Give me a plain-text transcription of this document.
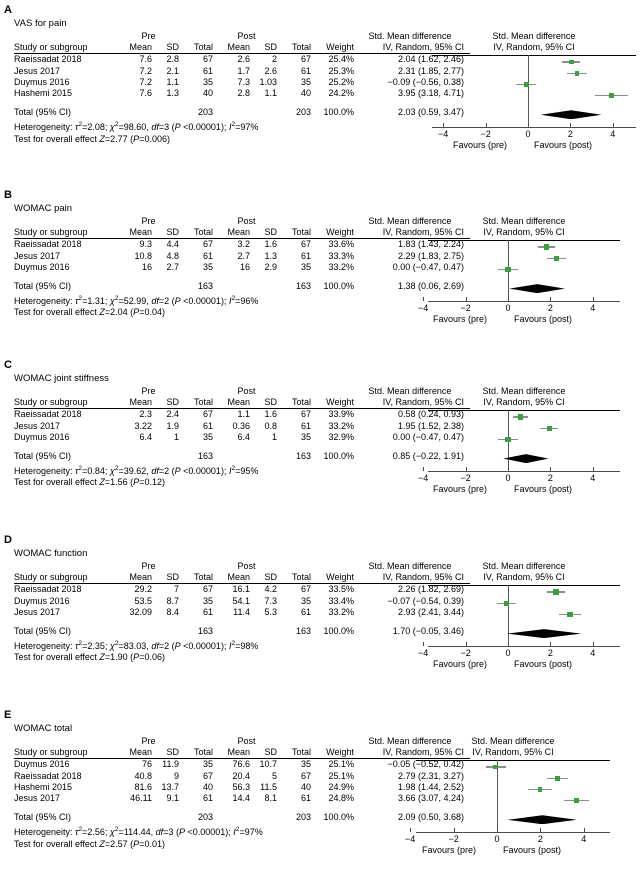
A
VAS for pain
	Pre			Post				Std. Mean difference
Study or subgroup	Mean	SD	Total	Mean	SD	Total	Weight	IV, Random, 95% CI

Raeissadat 2018	7.6	2.8	67	2.6	2	67	25.4%	2.04 (1.62, 2.46)
Jesus 2017	7.2	2.1	61	1.7	2.6	61	25.3%	2.31 (1.85, 2.77)
Duymus 2016	7.2	1.1	35	7.3	1.03	35	25.2%	−0.09 (−0.56, 0.38)
Hashemi 2015	7.6	1.3	40	2.8	1.1	40	24.2%	3.95 (3.18, 4.71)

Total (95% CI)			203			203	100.0%	2.03 (0.59, 3.47)
Heterogeneity: $\tau^2=2.08$; $\chi^2=98.60$, df=3 (P <0.00001); $I^2=97\%$
Test for overall effect Z=2.77 (P=0.006)
Std. Mean difference
IV, Random, 95% CI
−4	−2	0	2	4
Favours (pre)	Favours (post)
B
WOMAC pain
	Pre			Post				Std. Mean difference
Study or subgroup	Mean	SD	Total	Mean	SD	Total	Weight	IV, Random, 95% CI

Raeissadat 2018	9.3	4.4	67	3.2	1.6	67	33.6%	1.83 (1.43, 2.24)
Jesus 2017	10.8	4.8	61	2.7	1.3	61	33.3%	2.29 (1.83, 2.75)
Duymus 2016	16	2.7	35	16	2.9	35	33.2%	0.00 (−0.47, 0.47)

Total (95% CI)			163			163	100.0%	1.38 (0.06, 2.69)
Heterogeneity: $\tau^2=1.31$; $\chi^2=52.99$, df=2 (P <0.00001); $I^2=96\%$
Test for overall effect Z=2.04 (P=0.04)
Std. Mean difference
IV, Random, 95% CI
−4	−2	0	2	4
Favours (pre)	Favours (post)
C
WOMAC joint stiffness
	Pre			Post				Std. Mean difference
Study or subgroup	Mean	SD	Total	Mean	SD	Total	Weight	IV, Random, 95% CI

Raeissadat 2018	2.3	2.4	67	1.1	1.6	67	33.9%	0.58 (0.24, 0.93)
Jesus 2017	3.22	1.9	61	0.36	0.8	61	33.2%	1.95 (1.52, 2.38)
Duymus 2016	6.4	1	35	6.4	1	35	32.9%	0.00 (−0.47, 0.47)

Total (95% CI)			163			163	100.0%	0.85 (−0.22, 1.91)
Heterogeneity: $\tau^2=0.84$; $\chi^2=39.62$, df=2 (P <0.00001); $I^2=95\%$
Test for overall effect Z=1.56 (P=0.12)
Std. Mean difference
IV, Random, 95% CI
−4	−2	0	2	4
Favours (pre)	Favours (post)
D
WOMAC function
	Pre			Post				Std. Mean difference
Study or subgroup	Mean	SD	Total	Mean	SD	Total	Weight	IV, Random, 95% CI

Raeissadat 2018	29.2	7	67	16.1	4.2	67	33.5%	2.26 (1.82, 2.69)
Duymus 2016	53.5	8.7	35	54.1	7.3	35	33.4%	−0.07 (−0.54, 0.39)
Jesus 2017	32.09	8.4	61	11.4	5.3	61	33.2%	2.93 (2.41, 3.44)

Total (95% CI)			163			163	100.0%	1.70 (−0.05, 3.46)
Heterogeneity: $\tau^2=2.35$; $\chi^2=83.03$, df=2 (P <0.00001); $I^2=98\%$
Test for overall effect Z=1.90 (P=0.06)
Std. Mean difference
IV, Random, 95% CI
−4	−2	0	2	4
Favours (pre)	Favours (post)
E
WOMAC total
	Pre			Post				Std. Mean difference
Study or subgroup	Mean	SD	Total	Mean	SD	Total	Weight	IV, Random, 95% CI

Duymus 2016	76	11.9	35	76.6	10.7	35	25.1%	−0.05 (−0.52, 0.42)
Raeissadat 2018	40.8	9	67	20.4	5	67	25.1%	2.79 (2.31, 3.27)
Hashemi 2015	81.6	13.7	40	56.3	11.5	40	24.9%	1.98 (1.44, 2.52)
Jesus 2017	46.11	9.1	61	14.4	8.1	61	24.8%	3.66 (3.07, 4.24)

Total (95% CI)			203			203	100.0%	2.09 (0.50, 3.68)
Heterogeneity: $\tau^2=2.56$; $\chi^2=114.44$, df=3 (P <0.00001); $I^2=97\%$
Test for overall effect Z=2.57 (P=0.01)
Std. Mean difference
IV, Random, 95% CI
−4	−2	0	2	4
Favours (pre)	Favours (post)
